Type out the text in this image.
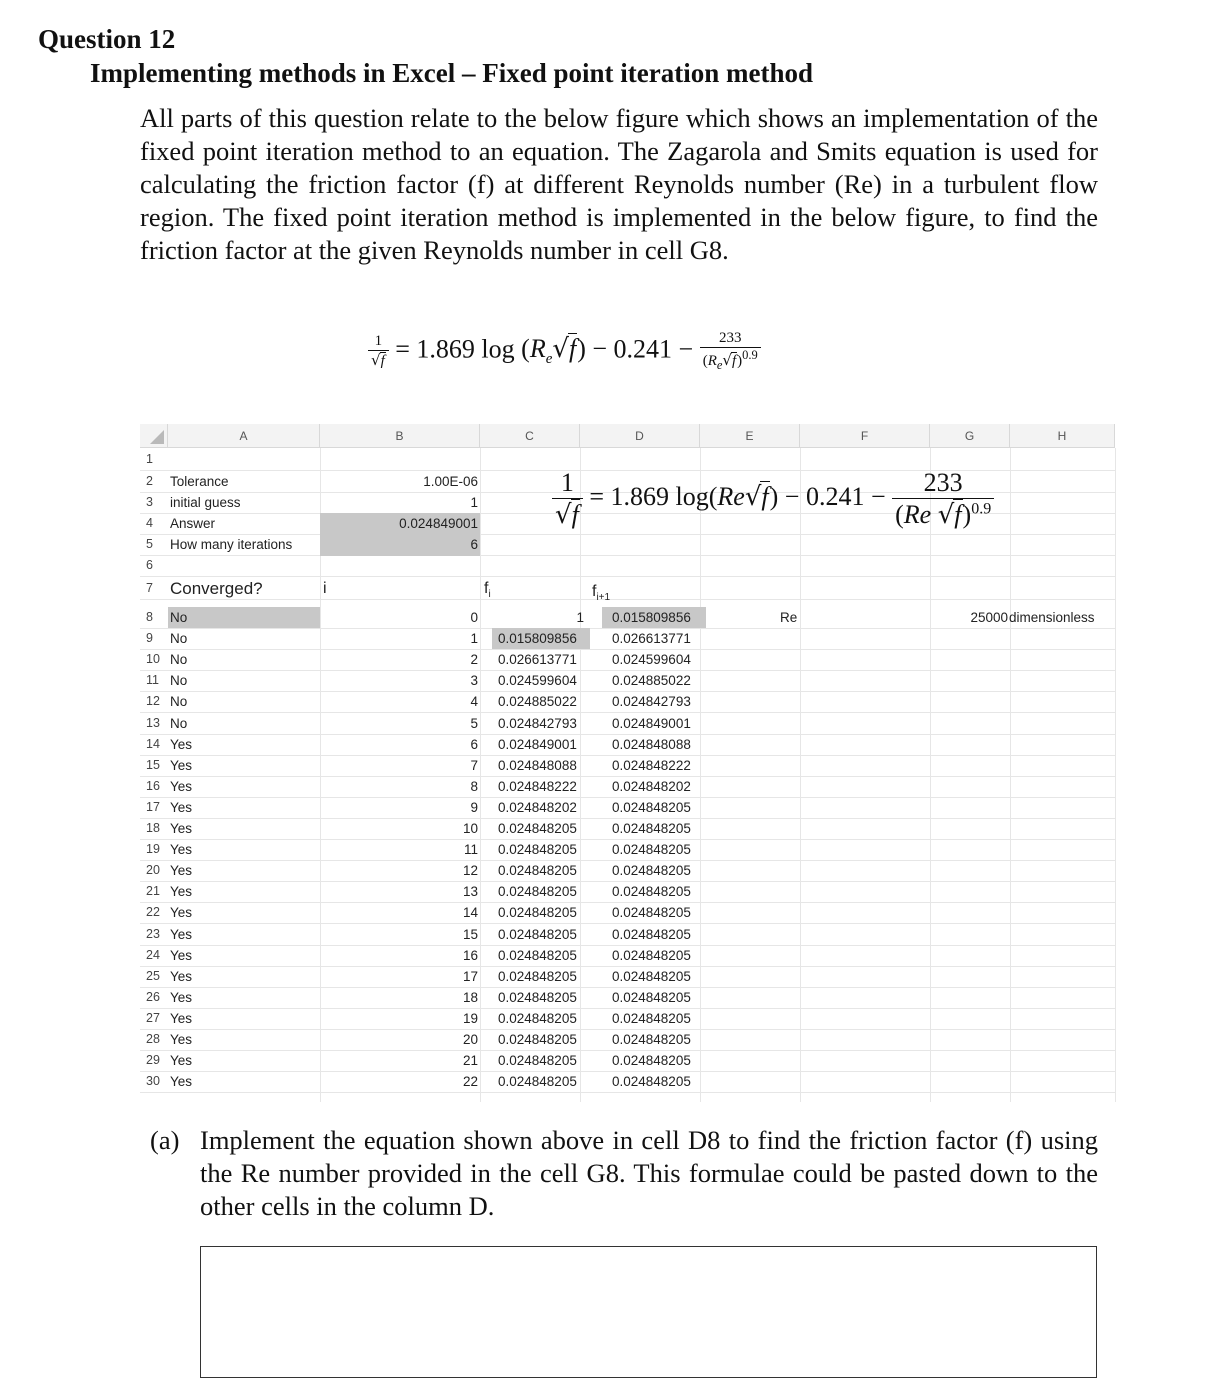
Question 12
Implementing methods in Excel – Fixed point iteration method

All parts of this question relate to the below figure which shows an implementation of the fixed point iteration method to an equation. The Zagarola and Smits equation is used for calculating the friction factor (f) at different Reynolds number (Re) in a turbulent flow region. The fixed point iteration method is implemented in the below figure, to find the friction factor at the given Reynolds number in cell G8.

$\frac{1}{√f} = 1.869$ $\log (R_e√f) - 0.241 - \frac{233}{(R_e√f)^{0.9}}$
A	B	C	D	E	F	G	H
1
2
3
4
5
6
7
8
9
10
11
12
13
14
15
16
17
18
19
20
21
22
23
24
25
26
27
28
29
30
Tolerance	1.00E-06
initial guess	1
Answer	0.024849001
How many iterations	6
Converged?	i	$f_i$	$f_{i+1}$
No	0	1 0.015809856
No	1 0.015809856	0.026613771
No	2 0.026613771	0.024599604
No	3 0.024599604	0.024885022
No	4 0.024885022	0.024842793
No	5 0.024842793	0.024849001
Yes	6 0.024849001	0.024848088
Yes	7 0.024848088	0.024848222
Yes	8 0.024848222	0.024848202
Yes	9 0.024848202	0.024848205
Yes	10 0.024848205	0.024848205
Yes	11 0.024848205	0.024848205
Yes	12 0.024848205	0.024848205
Yes	13 0.024848205	0.024848205
Yes	14 0.024848205	0.024848205
Yes	15 0.024848205	0.024848205
Yes	16 0.024848205	0.024848205
Yes	17 0.024848205	0.024848205
Yes	18 0.024848205	0.024848205
Yes	19 0.024848205	0.024848205
Yes	20 0.024848205	0.024848205
Yes	21 0.024848205	0.024848205
Yes	22 0.024848205	0.024848205
Re	25000 dimensionless
$\frac{1}{√f} = 1.869$ $\log(Re√f) - 0.241 - \frac{233}{(Re √f)^{0.9}}$
(a) Implement the equation shown above in cell D8 to find the friction factor (f) using the Re number provided in the cell G8. This formulae could be pasted down to the other cells in the column D.
